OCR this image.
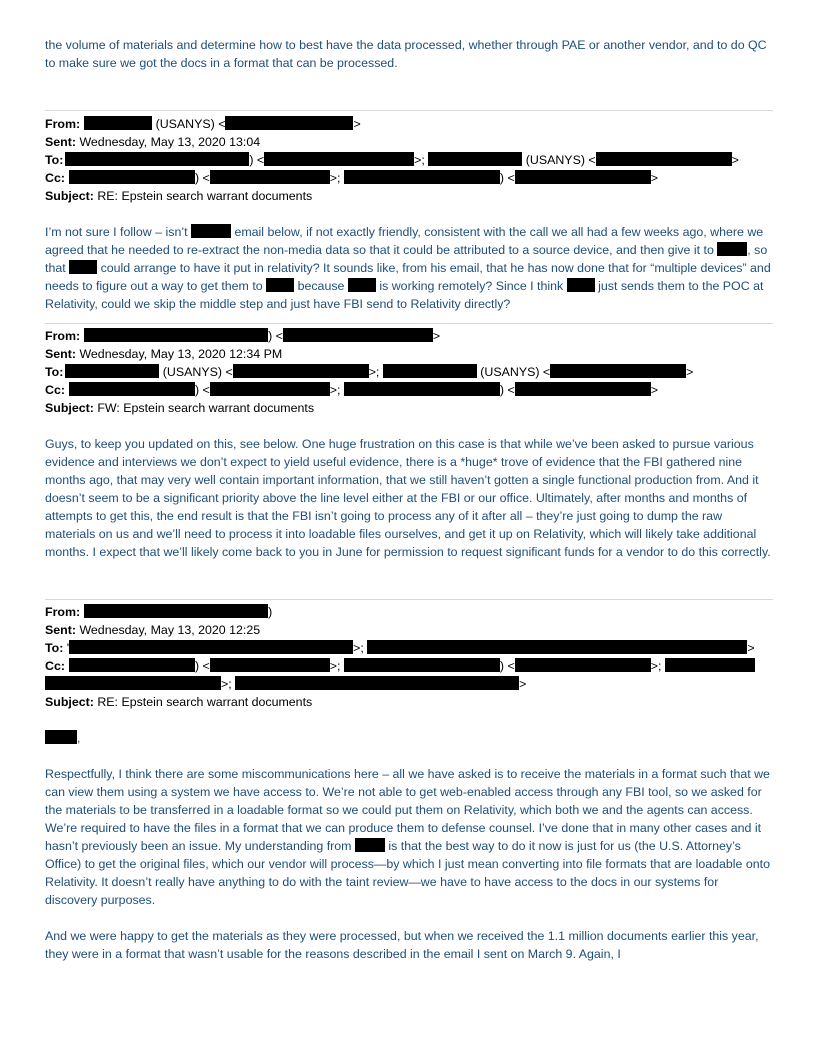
the volume of materials and determine how to best have the data processed, whether through PAE or another vendor, and to do QC to make sure we got the docs in a format that can be processed.

From:	(USANYS) <	>
Sent: Wednesday, May 13, 2020 13:04
To:	) <	>;	(USANYS) <	>
Cc:	) <	>;	) <	>
Subject: RE: Epstein search warrant documents

I’m not sure I follow – isn’t	email below, if not exactly friendly, consistent with the call we all had a few weeks ago, where we agreed that he needed to re-extract the non-media data so that it could be attributed to a source device, and then give it to	, so that	could arrange to have it put in relativity? It sounds like, from his email, that he has now done that for “multiple devices” and needs to figure out a way to get them to	because	is working remotely? Since I think	just sends them to the POC at Relativity, could we skip the middle step and just have FBI send to Relativity directly?

From:	) <	>
Sent: Wednesday, May 13, 2020 12:34 PM
To:	(USANYS) <	>;	(USANYS) <	>
Cc:	) <	>;	) <	>
Subject: FW: Epstein search warrant documents

Guys, to keep you updated on this, see below. One huge frustration on this case is that while we’ve been asked to pursue various evidence and interviews we don’t expect to yield useful evidence, there is a *huge* trove of evidence that the FBI gathered nine months ago, that may very well contain important information, that we still haven’t gotten a single functional production from. And it doesn’t seem to be a significant priority above the line level either at the FBI or our office. Ultimately, after months and months of attempts to get this, the end result is that the FBI isn’t going to process any of it after all – they’re just going to dump the raw materials on us and we’ll need to process it into loadable files ourselves, and get it up on Relativity, which will likely take additional months. I expect that we’ll likely come back to you in June for permission to request significant funds for a vendor to do this correctly.

From:	)
Sent: Wednesday, May 13, 2020 12:25
To: '	>;	>
Cc:	) <	>;	) <	>;
>;	>
Subject: RE: Epstein search warrant documents

,

Respectfully, I think there are some miscommunications here – all we have asked is to receive the materials in a format such that we can view them using a system we have access to. We’re not able to get web-enabled access through any FBI tool, so we asked for the materials to be transferred in a loadable format so we could put them on Relativity, which both we and the agents can access. We’re required to have the files in a format that we can produce them to defense counsel. I’ve done that in many other cases and it hasn’t previously been an issue. My understanding from	is that the best way to do it now is just for us (the U.S. Attorney’s Office) to get the original files, which our vendor will process—by which I just mean converting into file formats that are loadable onto Relativity. It doesn’t really have anything to do with the taint review—we have to have access to the docs in our systems for discovery purposes.

And we were happy to get the materials as they were processed, but when we received the 1.1 million documents earlier this year, they were in a format that wasn’t usable for the reasons described in the email I sent on March 9. Again, I
